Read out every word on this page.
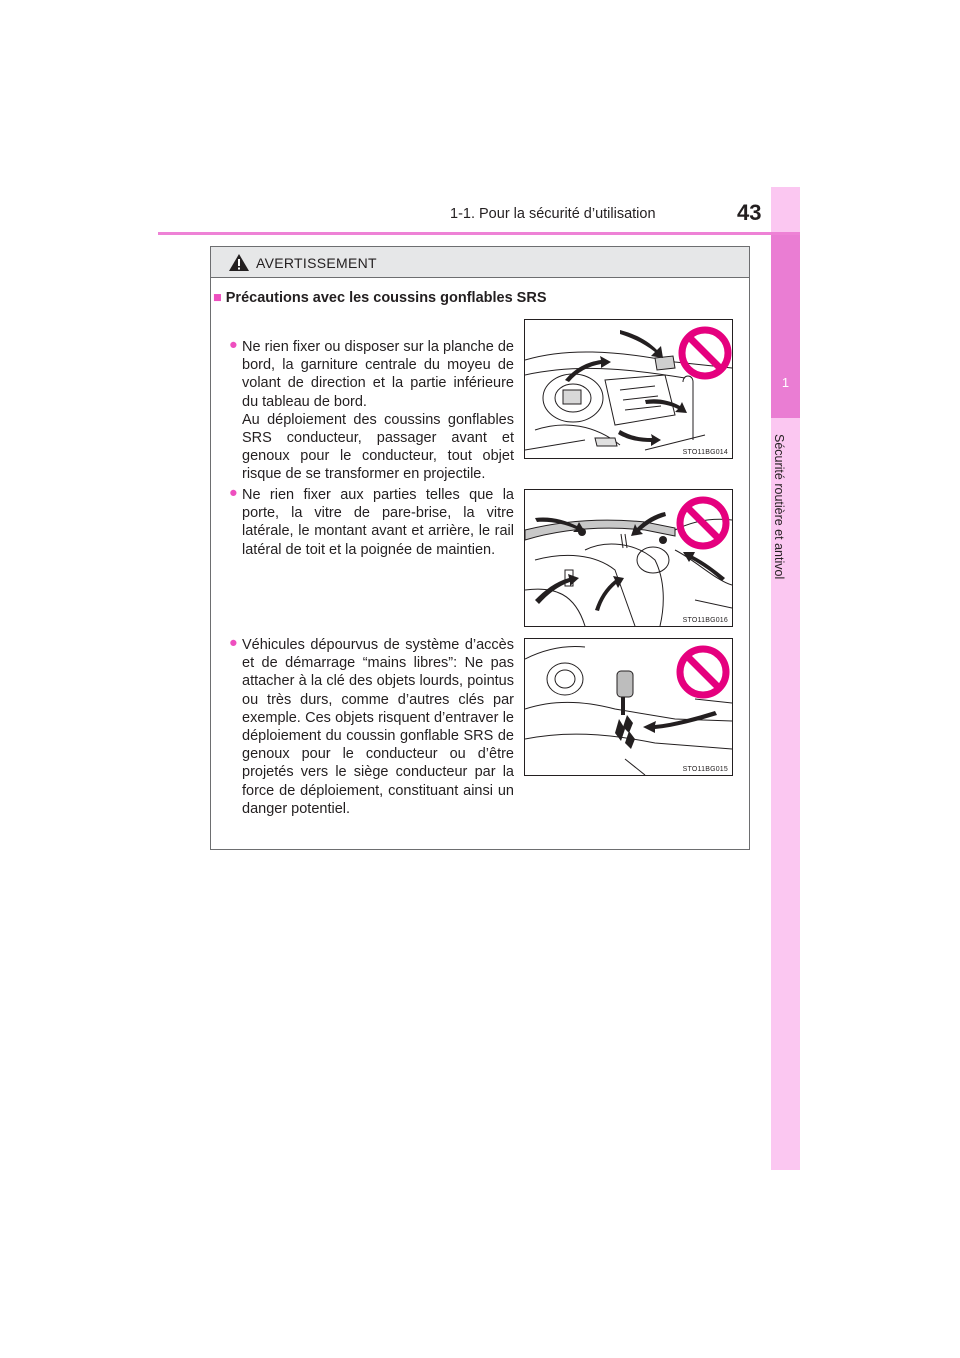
1
Sécurité routière et antivol
1-1. Pour la sécurité d’utilisation	43
AVERTISSEMENT
■ Précautions avec les coussins gonflables SRS
● Ne rien fixer ou disposer sur la planche de bord, la garniture centrale du moyeu de volant de direction et la partie inférieure du tableau de bord.
Au déploiement des coussins gonflables SRS conducteur, passager avant et genoux pour le conducteur, tout objet risque de se transformer en projectile.
STO11BG014
● Ne rien fixer aux parties telles que la porte, la vitre de pare-brise, la vitre latérale, le montant avant et arrière, le rail latéral de toit et la poignée de maintien.
STO11BG016
● Véhicules dépourvus de système d’accès et de démarrage “mains libres”: Ne pas attacher à la clé des objets lourds, pointus ou très durs, comme d’autres clés par exemple. Ces objets risquent d’entraver le déploiement du coussin gonflable SRS de genoux pour le conducteur ou d’être projetés vers le siège conducteur par la force de déploiement, constituant ainsi un danger potentiel.
STO11BG015
